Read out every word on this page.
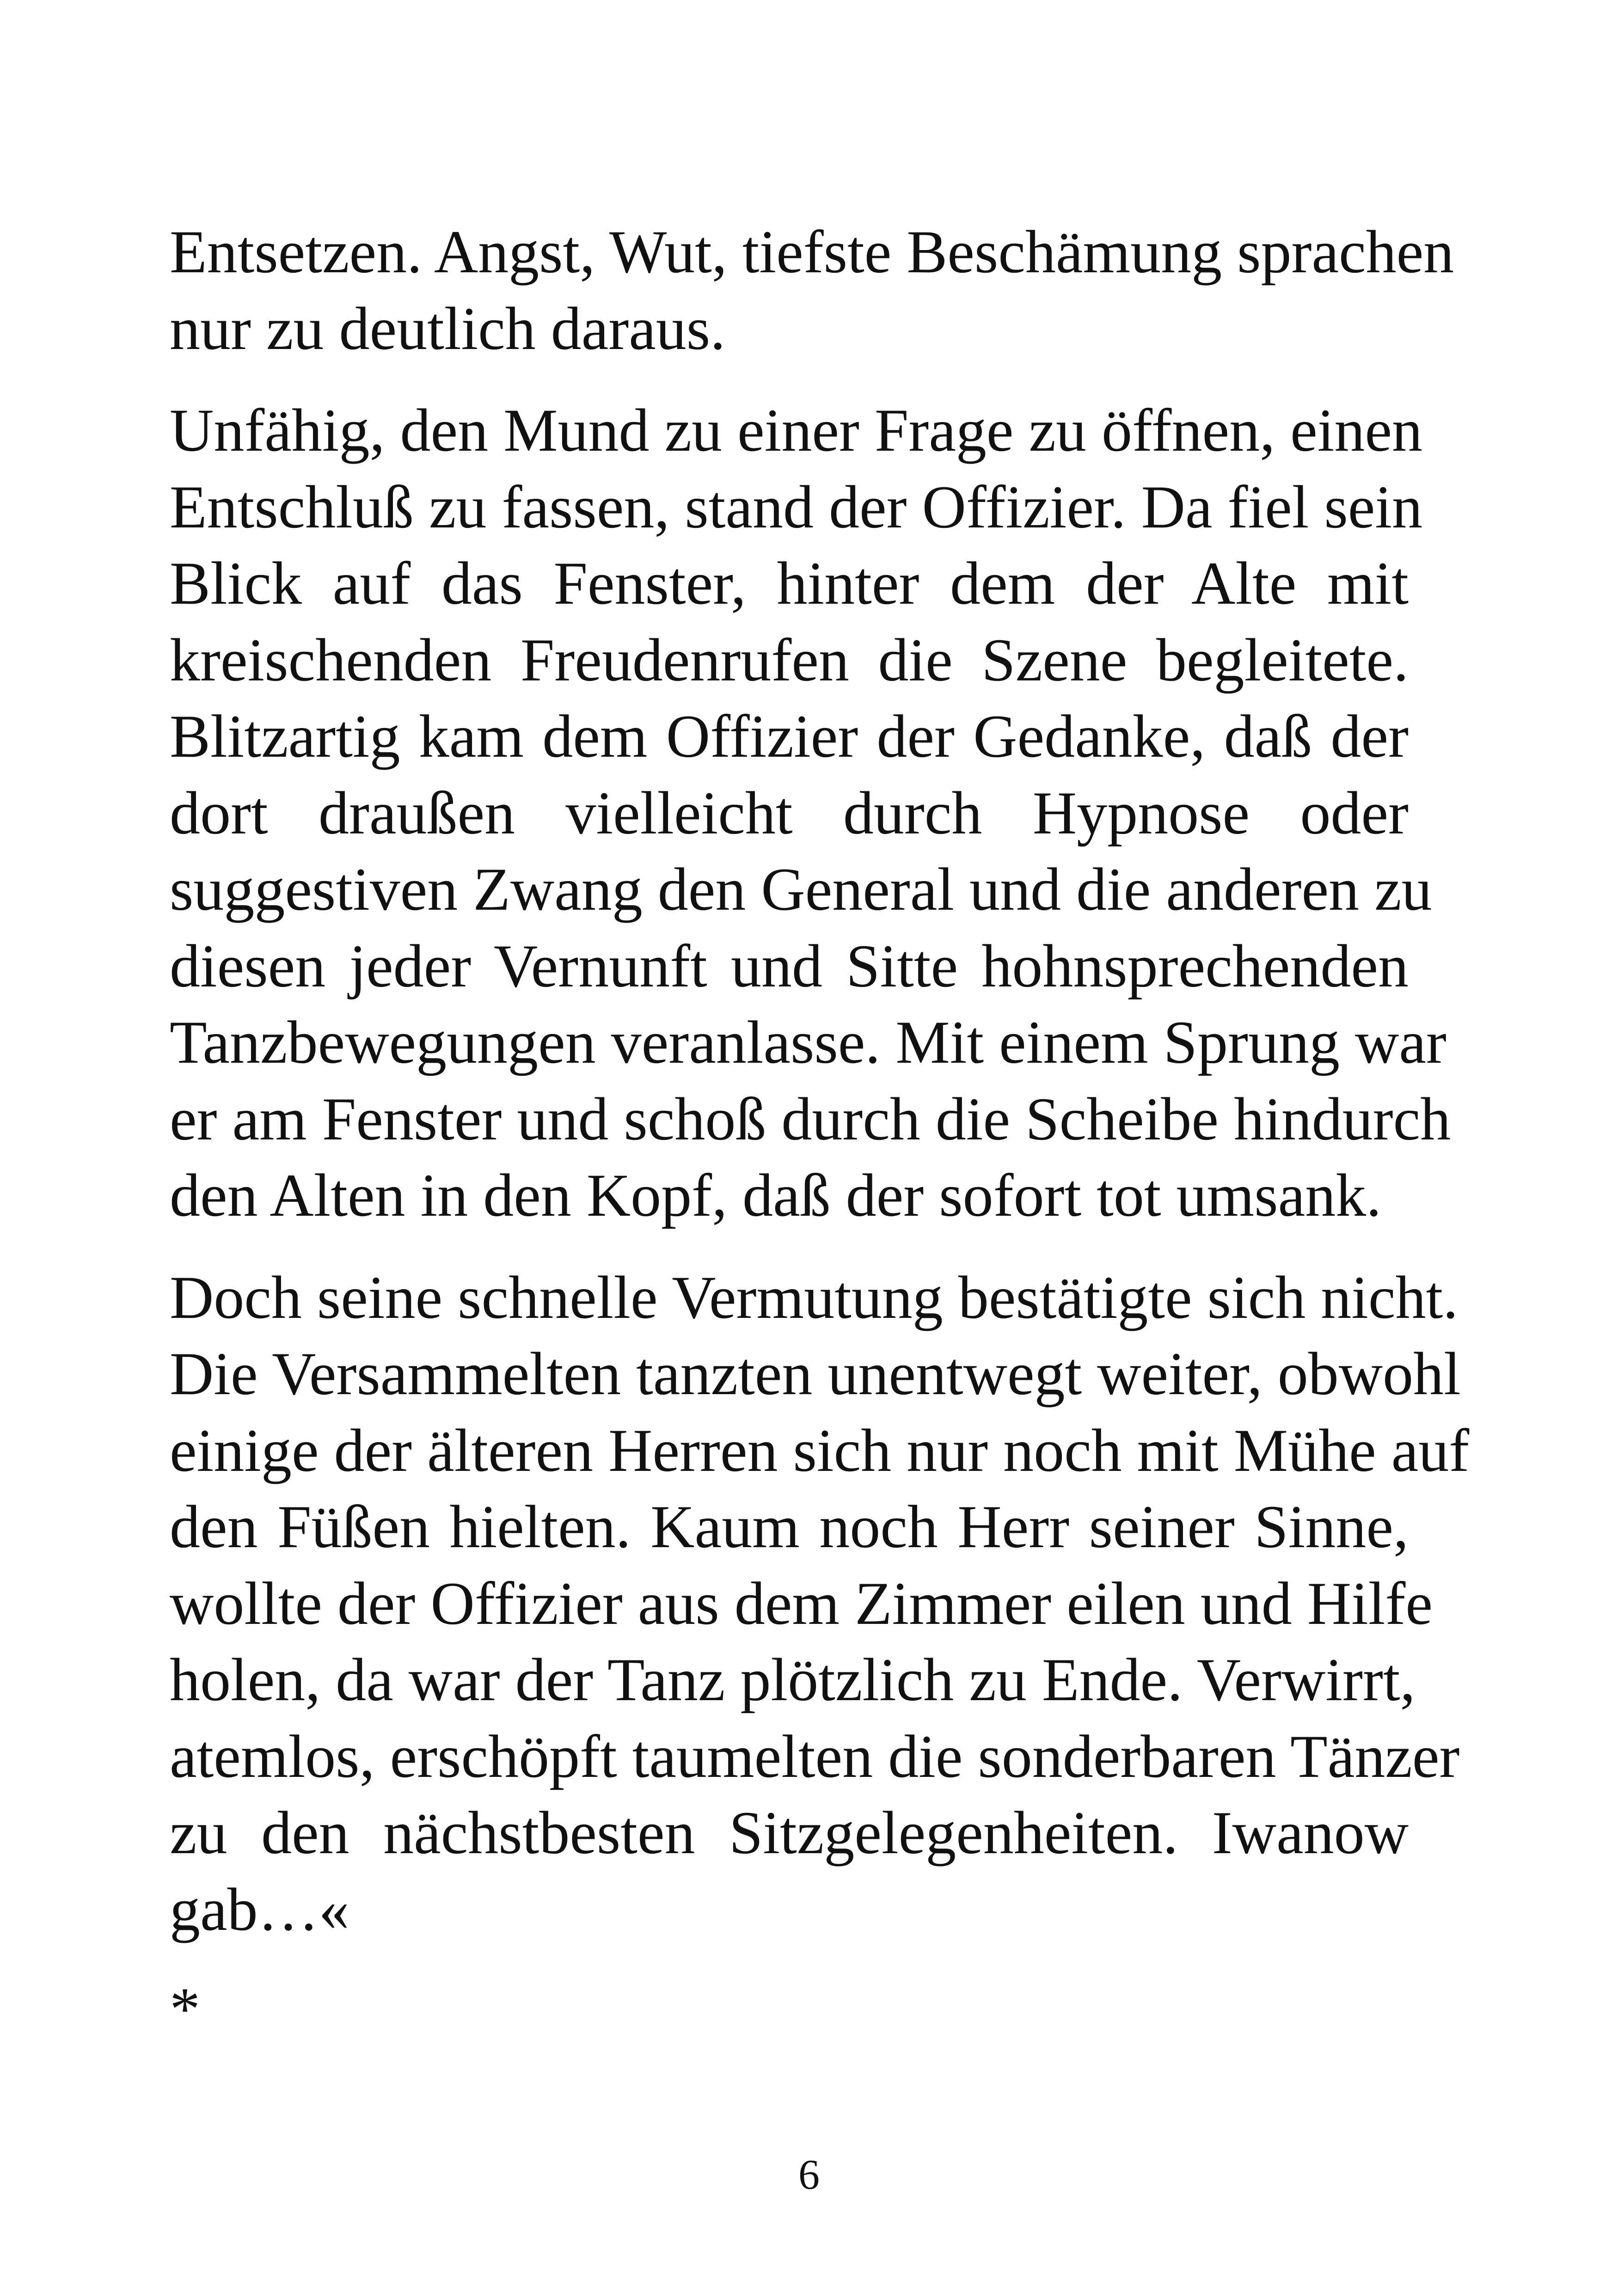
Entsetzen. Angst, Wut, tiefste Beschämung sprachen
nur zu deutlich daraus.

Unfähig, den Mund zu einer Frage zu öffnen, einen
Entschluß zu fassen, stand der Offizier. Da fiel sein
Blick auf das Fenster, hinter dem der Alte mit
kreischenden Freudenrufen die Szene begleitete.
Blitzartig kam dem Offizier der Gedanke, daß der
dort draußen vielleicht durch Hypnose oder
suggestiven Zwang den General und die anderen zu
diesen jeder Vernunft und Sitte hohnsprechenden
Tanzbewegungen veranlasse. Mit einem Sprung war
er am Fenster und schoß durch die Scheibe hindurch
den Alten in den Kopf, daß der sofort tot umsank.

Doch seine schnelle Vermutung bestätigte sich nicht.
Die Versammelten tanzten unentwegt weiter, obwohl
einige der älteren Herren sich nur noch mit Mühe auf
den Füßen hielten. Kaum noch Herr seiner Sinne,
wollte der Offizier aus dem Zimmer eilen und Hilfe
holen, da war der Tanz plötzlich zu Ende. Verwirrt,
atemlos, erschöpft taumelten die sonderbaren Tänzer
zu den nächstbesten Sitzgelegenheiten. Iwanow
gab…«

*
6
